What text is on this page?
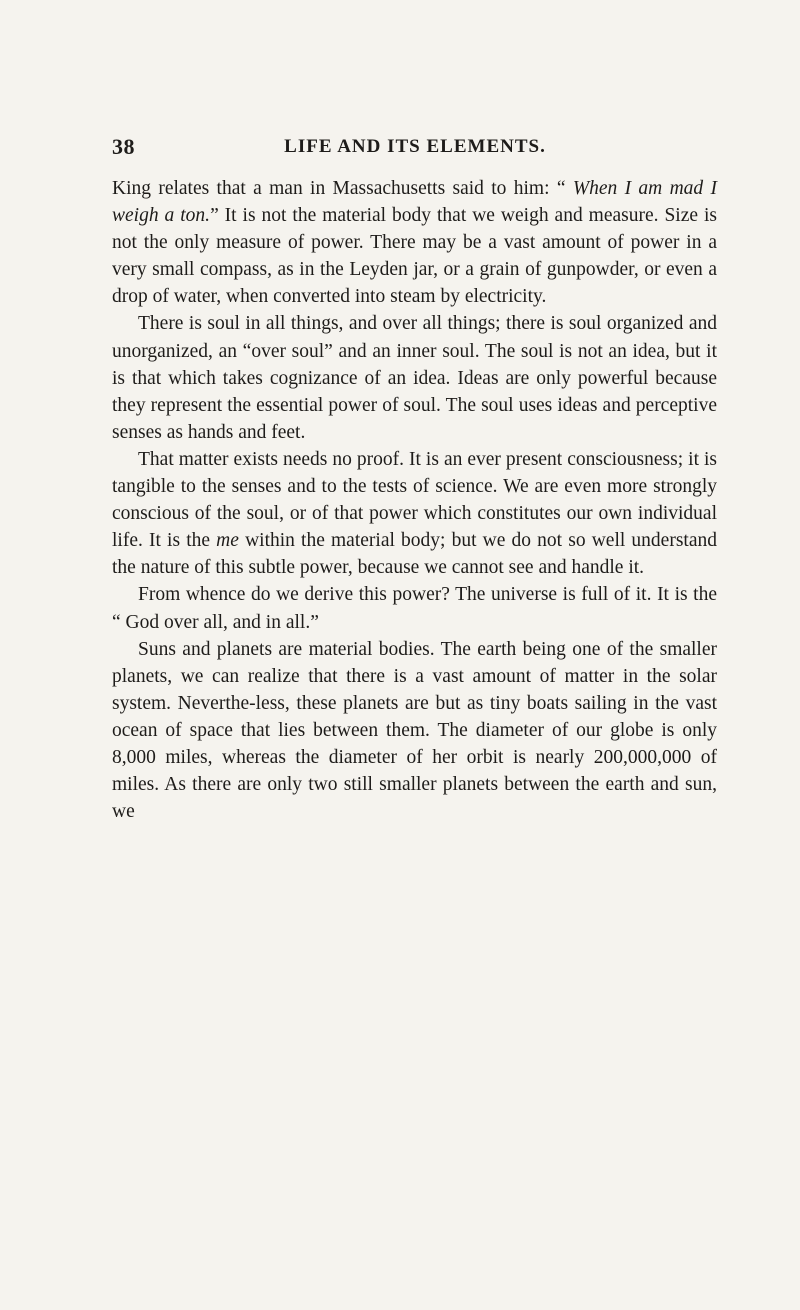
38	LIFE AND ITS ELEMENTS.

King relates that a man in Massachusetts said to him: “ When I am mad I weigh a ton.” It is not the material body that we weigh and measure. Size is not the only measure of power. There may be a vast amount of power in a very small compass, as in the Leyden jar, or a grain of gunpowder, or even a drop of water, when converted into steam by electricity.

There is soul in all things, and over all things; there is soul organized and unorganized, an “over soul” and an inner soul. The soul is not an idea, but it is that which takes cognizance of an idea. Ideas are only powerful because they represent the essential power of soul. The soul uses ideas and perceptive senses as hands and feet.

That matter exists needs no proof. It is an ever present consciousness; it is tangible to the senses and to the tests of science. We are even more strongly conscious of the soul, or of that power which constitutes our own individual life. It is the me within the material body; but we do not so well understand the nature of this subtle power, because we cannot see and handle it.

From whence do we derive this power? The universe is full of it. It is the “ God over all, and in all.”

Suns and planets are material bodies. The earth being one of the smaller planets, we can realize that there is a vast amount of matter in the solar system. Neverthe-less, these planets are but as tiny boats sailing in the vast ocean of space that lies between them. The diameter of our globe is only 8,000 miles, whereas the diameter of her orbit is nearly 200,000,000 of miles. As there are only two still smaller planets between the earth and sun, we
